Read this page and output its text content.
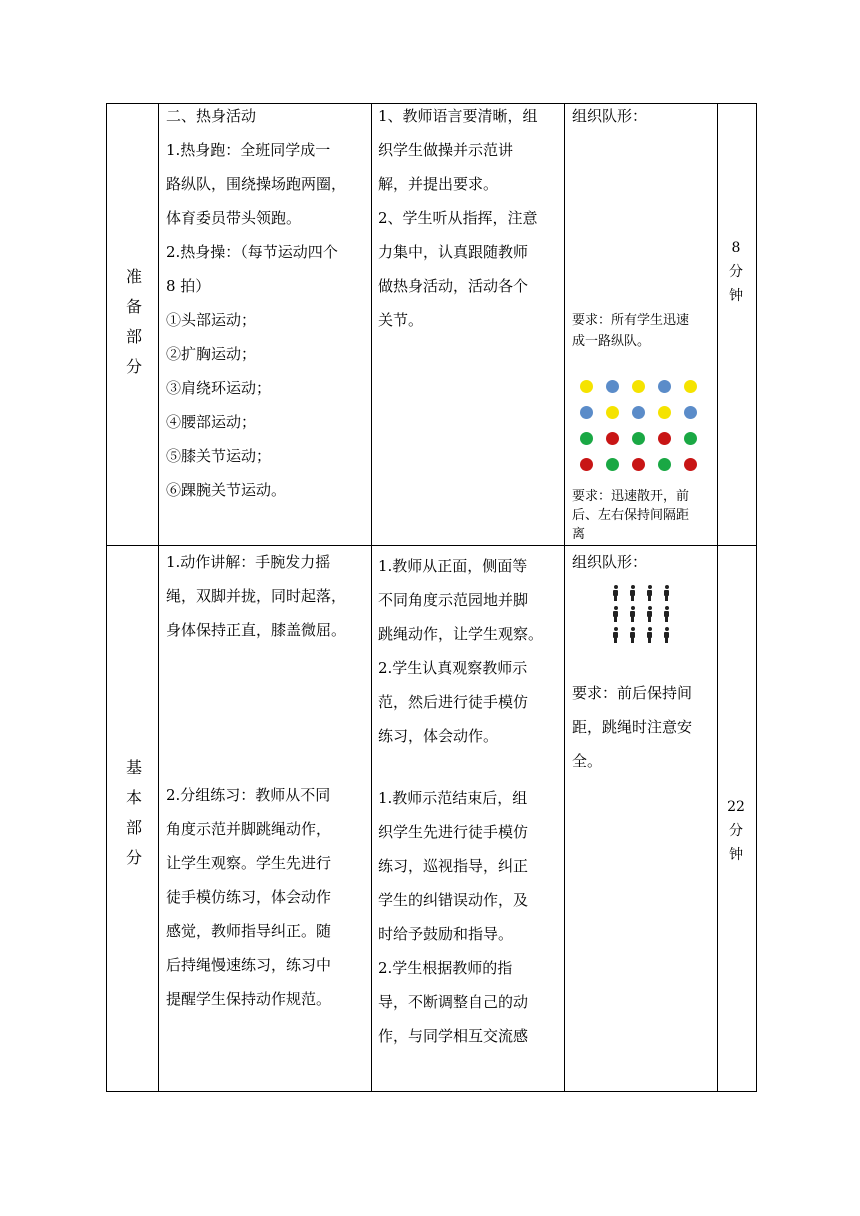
准
备
部
分
二、热身活动
1.热身跑：全班同学成一
路纵队，围绕操场跑两圈，
体育委员带头领跑。
2.热身操：（每节运动四个
8 拍）
①头部运动；
②扩胸运动；
③肩绕环运动；
④腰部运动；
⑤膝关节运动；
⑥踝腕关节运动。
1、教师语言要清晰，组
织学生做操并示范讲
解，并提出要求。
2、学生听从指挥，注意
力集中，认真跟随教师
做热身活动，活动各个
关节。
组织队形：
要求：所有学生迅速
成一路纵队。
要求：迅速散开，前
后、左右保持间隔距
离
8
分
钟
基
本
部
分
1.动作讲解：手腕发力摇
绳，双脚并拢，同时起落，
身体保持正直，膝盖微屈。
2.分组练习：教师从不同
角度示范并脚跳绳动作，
让学生观察。学生先进行
徒手模仿练习，体会动作
感觉，教师指导纠正。随
后持绳慢速练习，练习中
提醒学生保持动作规范。
1.教师从正面，侧面等
不同角度示范园地并脚
跳绳动作，让学生观察。
2.学生认真观察教师示
范，然后进行徒手模仿
练习，体会动作。
1.教师示范结束后，组
织学生先进行徒手模仿
练习，巡视指导，纠正
学生的纠错误动作，及
时给予鼓励和指导。
2.学生根据教师的指
导，不断调整自己的动
作，与同学相互交流感
组织队形：
要求：前后保持间
距，跳绳时注意安
全。
22
分
钟
